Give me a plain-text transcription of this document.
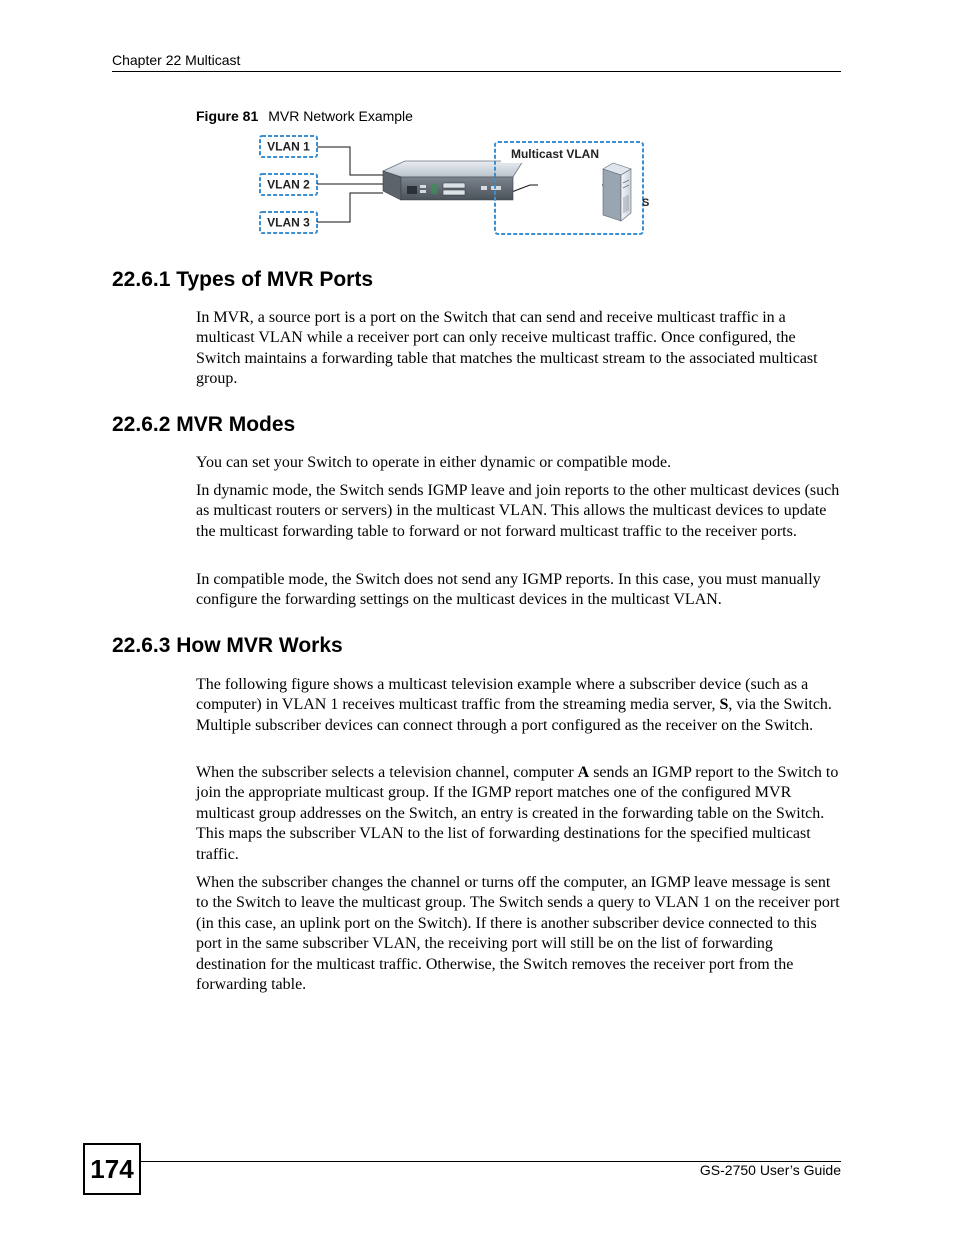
Chapter 22 Multicast
Figure 81 MVR Network Example
VLAN 1
VLAN 2
VLAN 3
Multicast VLAN
S
22.6.1 Types of MVR Ports
In MVR, a source port is a port on the Switch that can send and receive multicast traffic in a multicast VLAN while a receiver port can only receive multicast traffic. Once configured, the Switch maintains a forwarding table that matches the multicast stream to the associated multicast group.
22.6.2 MVR Modes
You can set your Switch to operate in either dynamic or compatible mode.
In dynamic mode, the Switch sends IGMP leave and join reports to the other multicast devices (such as multicast routers or servers) in the multicast VLAN. This allows the multicast devices to update the multicast forwarding table to forward or not forward multicast traffic to the receiver ports.
In compatible mode, the Switch does not send any IGMP reports. In this case, you must manually configure the forwarding settings on the multicast devices in the multicast VLAN.
22.6.3 How MVR Works
The following figure shows a multicast television example where a subscriber device (such as a computer) in VLAN 1 receives multicast traffic from the streaming media server, S, via the Switch. Multiple subscriber devices can connect through a port configured as the receiver on the Switch.
When the subscriber selects a television channel, computer A sends an IGMP report to the Switch to join the appropriate multicast group. If the IGMP report matches one of the configured MVR multicast group addresses on the Switch, an entry is created in the forwarding table on the Switch. This maps the subscriber VLAN to the list of forwarding destinations for the specified multicast traffic.
When the subscriber changes the channel or turns off the computer, an IGMP leave message is sent to the Switch to leave the multicast group. The Switch sends a query to VLAN 1 on the receiver port (in this case, an uplink port on the Switch). If there is another subscriber device connected to this port in the same subscriber VLAN, the receiving port will still be on the list of forwarding destination for the multicast traffic. Otherwise, the Switch removes the receiver port from the forwarding table.
174	GS-2750 User’s Guide
